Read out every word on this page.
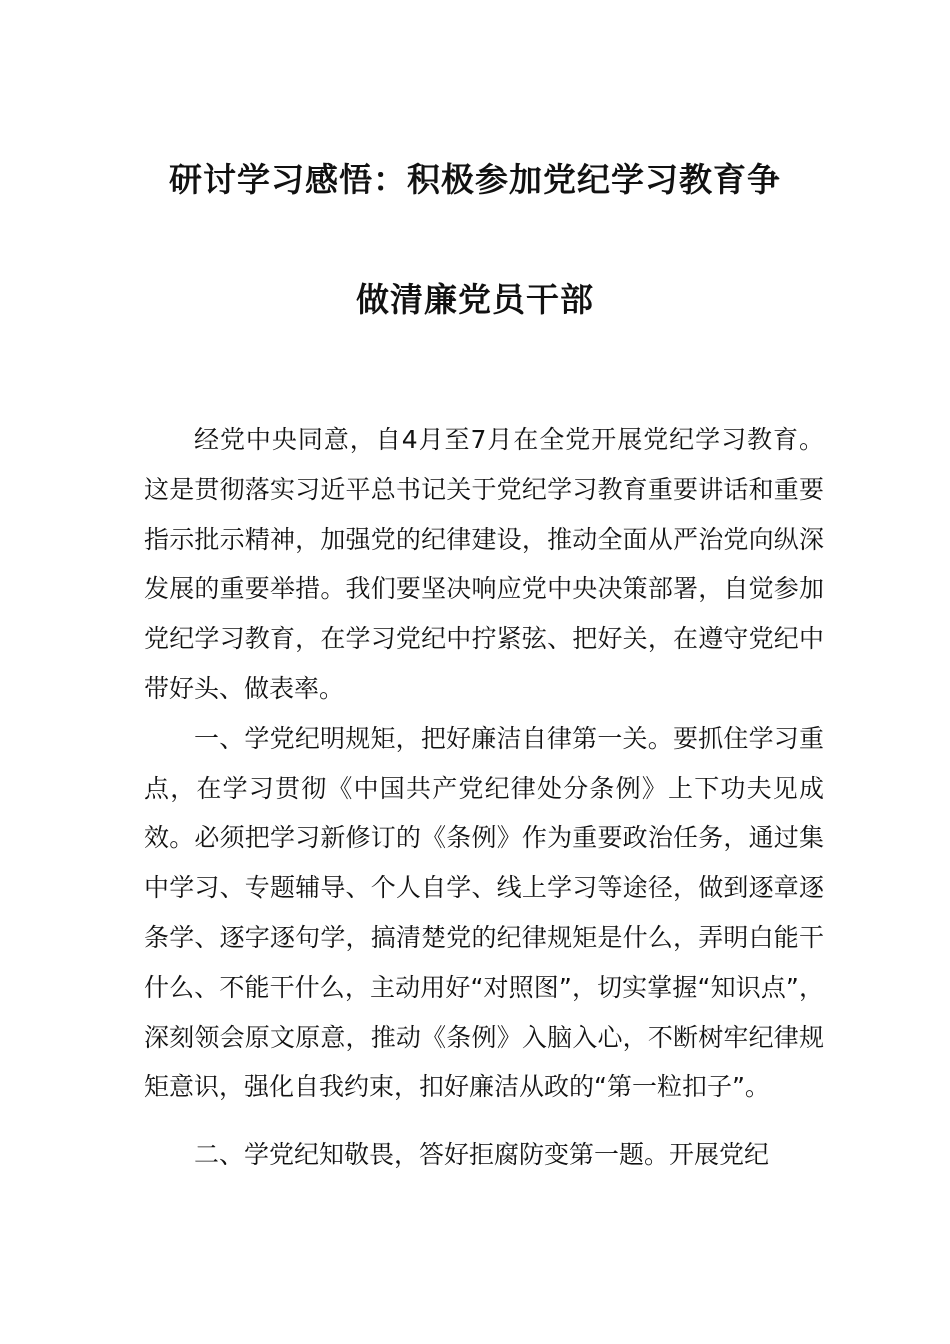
研讨学习感悟：积极参加党纪学习教育争
做清廉党员干部

经党中央同意，自4月至7月在全党开展党纪学习教育。这是贯彻落实习近平总书记关于党纪学习教育重要讲话和重要指示批示精神，加强党的纪律建设，推动全面从严治党向纵深发展的重要举措。我们要坚决响应党中央决策部署，自觉参加党纪学习教育，在学习党纪中拧紧弦、把好关，在遵守党纪中带好头、做表率。

一、学党纪明规矩，把好廉洁自律第一关。要抓住学习重点，在学习贯彻《中国共产党纪律处分条例》上下功夫见成效。必须把学习新修订的《条例》作为重要政治任务，通过集中学习、专题辅导、个人自学、线上学习等途径，做到逐章逐条学、逐字逐句学，搞清楚党的纪律规矩是什么，弄明白能干什么、不能干什么，主动用好“对照图”，切实掌握“知识点”，深刻领会原文原意，推动《条例》入脑入心，不断树牢纪律规矩意识，强化自我约束，扣好廉洁从政的“第一粒扣子”。

二、学党纪知敬畏，答好拒腐防变第一题。开展党纪
